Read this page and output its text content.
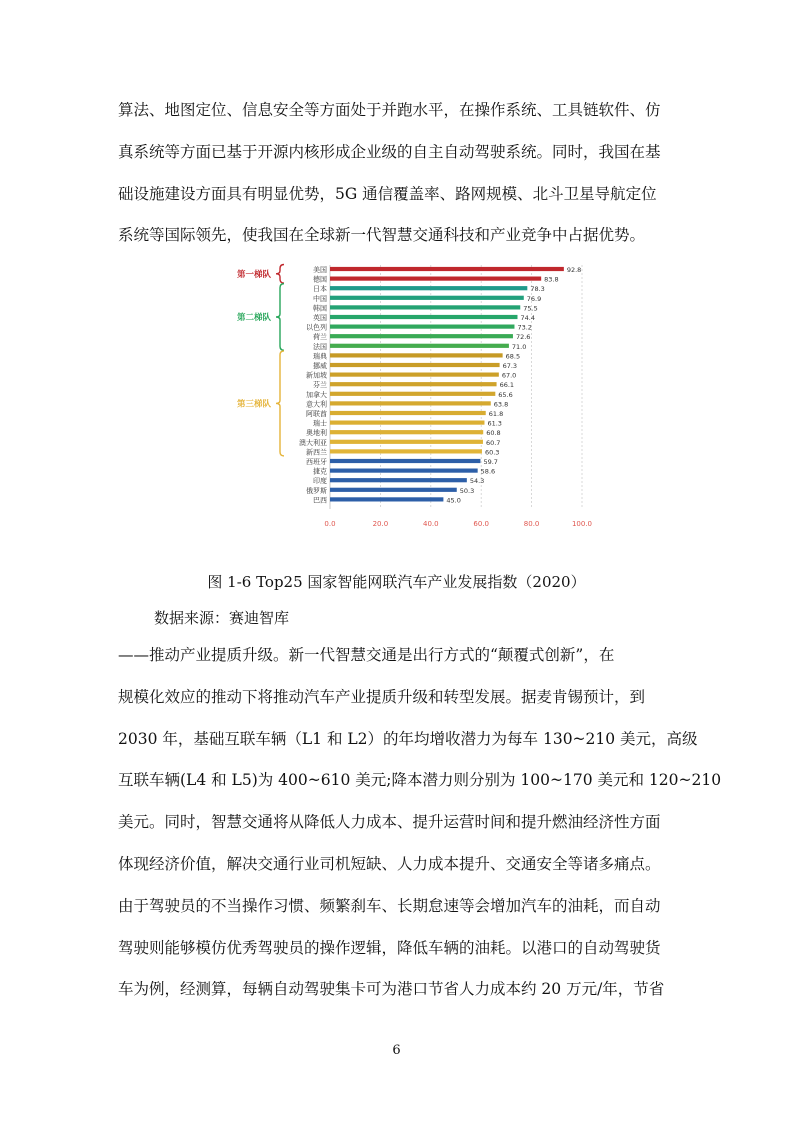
算法、地图定位、信息安全等方面处于并跑水平，在操作系统、工具链软件、仿
真系统等方面已基于开源内核形成企业级的自主自动驾驶系统。同时，我国在基
础设施建设方面具有明显优势，5G 通信覆盖率、路网规模、北斗卫星导航定位
系统等国际领先，使我国在全球新一代智慧交通科技和产业竞争中占据优势。
美国	92.8
德国	83.8
日本	78.3
中国	76.9
韩国	75.5
英国	74.4
以色列	73.2
荷兰	72.6
法国	71.0
瑞典	68.5
挪威	67.3
新加坡	67.0
芬兰	66.1
加拿大	65.6
意大利	63.8
阿联酋	61.8
瑞士	61.3
奥地利	60.8
澳大利亚	60.7
新西兰	60.3
西班牙	59.7
捷克	58.6
印度	54.3
俄罗斯	50.3
巴西	45.0
0.0	20.0	40.0	60.0	80.0	100.0
第一梯队
第二梯队
第三梯队
图 1-6 Top25 国家智能网联汽车产业发展指数（2020）
数据来源：赛迪智库
——推动产业提质升级。新一代智慧交通是出行方式的“颠覆式创新”，在
规模化效应的推动下将推动汽车产业提质升级和转型发展。据麦肯锡预计，到
2030 年，基础互联车辆（L1 和 L2）的年均增收潜力为每车 130~210 美元，高级
互联车辆(L4 和 L5)为 400~610 美元;降本潜力则分别为 100~170 美元和 120~210
美元。同时，智慧交通将从降低人力成本、提升运营时间和提升燃油经济性方面
体现经济价值，解决交通行业司机短缺、人力成本提升、交通安全等诸多痛点。
由于驾驶员的不当操作习惯、频繁刹车、长期怠速等会增加汽车的油耗，而自动
驾驶则能够模仿优秀驾驶员的操作逻辑，降低车辆的油耗。以港口的自动驾驶货
车为例，经测算，每辆自动驾驶集卡可为港口节省人力成本约 20 万元/年，节省
6
